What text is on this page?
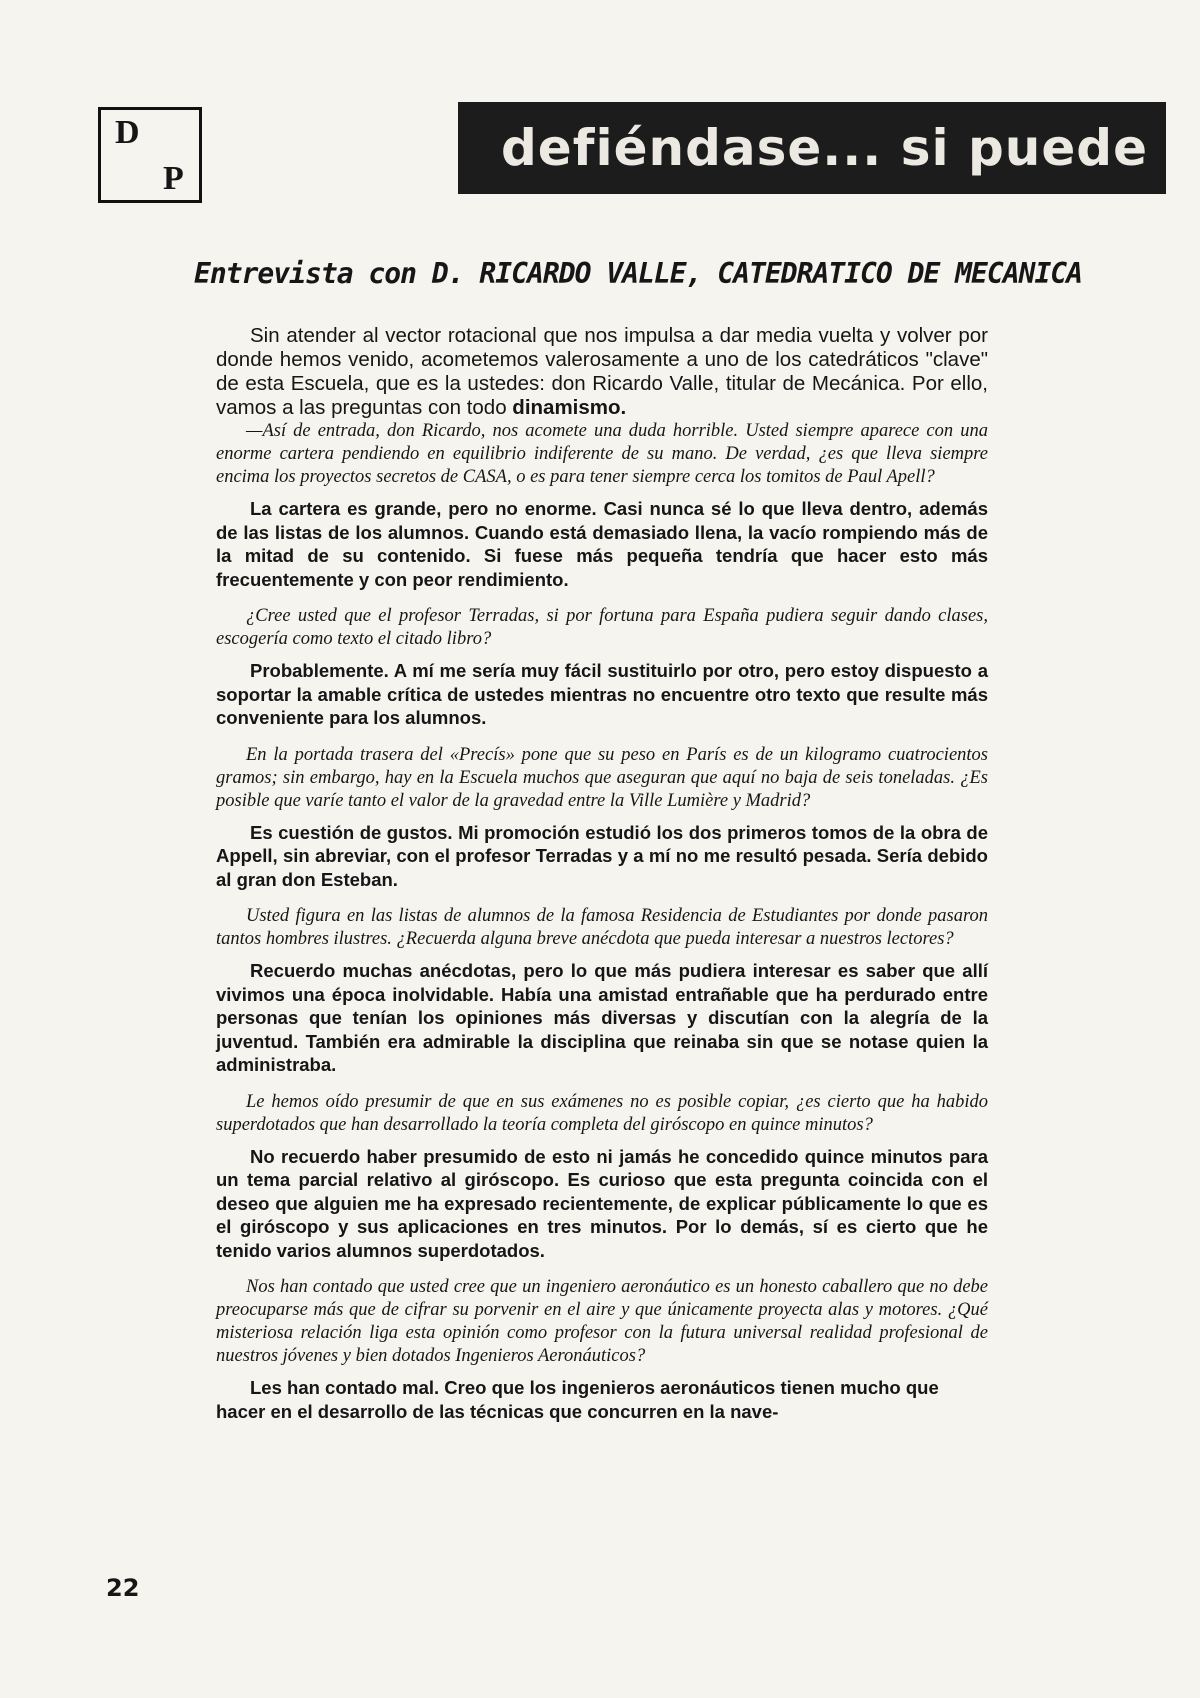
D
P
defiéndase... si puede
Entrevista con D. RICARDO VALLE, CATEDRATICO DE MECANICA

Sin atender al vector rotacional que nos impulsa a dar media vuelta y volver por donde hemos venido, acometemos valerosamente a uno de los catedráticos "clave" de esta Escuela, que es la ustedes: don Ricardo Valle, titular de Mecánica. Por ello, vamos a las preguntas con todo dinamismo.

—Así de entrada, don Ricardo, nos acomete una duda horrible. Usted siempre aparece con una enorme cartera pendiendo en equilibrio indiferente de su mano. De verdad, ¿es que lleva siempre encima los proyectos secretos de CASA, o es para tener siempre cerca los tomitos de Paul Apell?

La cartera es grande, pero no enorme. Casi nunca sé lo que lleva dentro, además de las listas de los alumnos. Cuando está demasiado llena, la vacío rompiendo más de la mitad de su contenido. Si fuese más pequeña tendría que hacer esto más frecuentemente y con peor rendimiento.

¿Cree usted que el profesor Terradas, si por fortuna para España pudiera seguir dando clases, escogería como texto el citado libro?

Probablemente. A mí me sería muy fácil sustituirlo por otro, pero estoy dispuesto a soportar la amable crítica de ustedes mientras no encuentre otro texto que resulte más conveniente para los alumnos.

En la portada trasera del «Precís» pone que su peso en París es de un kilogramo cuatrocientos gramos; sin embargo, hay en la Escuela muchos que aseguran que aquí no baja de seis toneladas. ¿Es posible que varíe tanto el valor de la gravedad entre la Ville Lumière y Madrid?

Es cuestión de gustos. Mi promoción estudió los dos primeros tomos de la obra de Appell, sin abreviar, con el profesor Terradas y a mí no me resultó pesada. Sería debido al gran don Esteban.

Usted figura en las listas de alumnos de la famosa Residencia de Estudiantes por donde pasaron tantos hombres ilustres. ¿Recuerda alguna breve anécdota que pueda interesar a nuestros lectores?

Recuerdo muchas anécdotas, pero lo que más pudiera interesar es saber que allí vivimos una época inolvidable. Había una amistad entrañable que ha perdurado entre personas que tenían los opiniones más diversas y discutían con la alegría de la juventud. También era admirable la disciplina que reinaba sin que se notase quien la administraba.

Le hemos oído presumir de que en sus exámenes no es posible copiar, ¿es cierto que ha habido superdotados que han desarrollado la teoría completa del giróscopo en quince minutos?

No recuerdo haber presumido de esto ni jamás he concedido quince minutos para un tema parcial relativo al giróscopo. Es curioso que esta pregunta coincida con el deseo que alguien me ha expresado recientemente, de explicar públicamente lo que es el giróscopo y sus aplicaciones en tres minutos. Por lo demás, sí es cierto que he tenido varios alumnos superdotados.

Nos han contado que usted cree que un ingeniero aeronáutico es un honesto caballero que no debe preocuparse más que de cifrar su porvenir en el aire y que únicamente proyecta alas y motores. ¿Qué misteriosa relación liga esta opinión como profesor con la futura universal realidad profesional de nuestros jóvenes y bien dotados Ingenieros Aeronáuticos?

Les han contado mal. Creo que los ingenieros aeronáuticos tienen mucho que hacer en el desarrollo de las técnicas que concurren en la nave-

22
